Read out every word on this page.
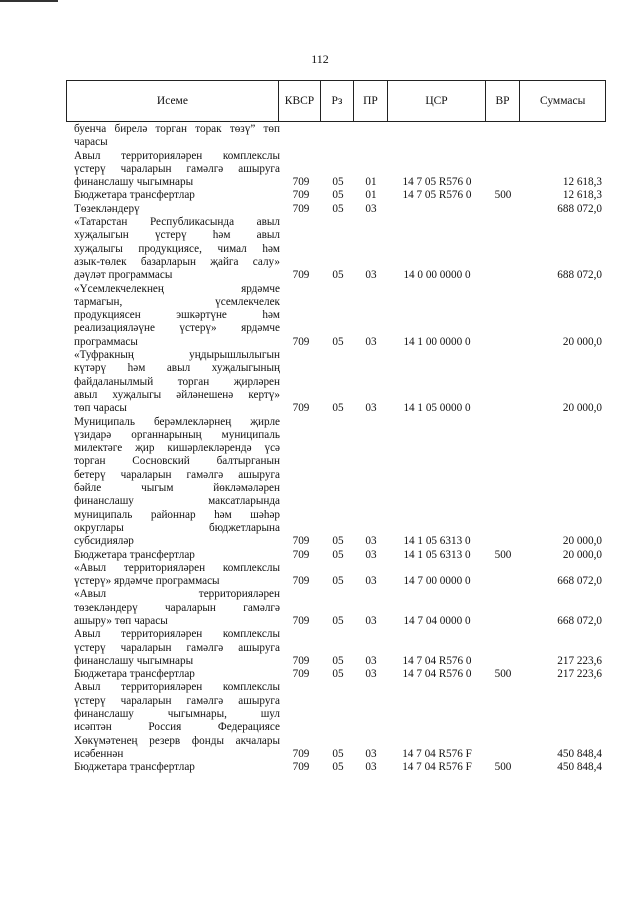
112
Исеме	КВСР	Рз	ПР	ЦСР	ВР	Суммасы
буенча бирелә торган торак төзү” төп
чарасы
Авыл территорияләрен комплекслы
үстерү чараларын гамәлгә ашыруга
финанслашу чыгымнары	709	05	01	14 7 05 R576 0	12 618,3
Бюджетара трансфертлар	709	05	01	14 7 05 R576 0	500	12 618,3
Төзекләндерү	709	05	03	688 072,0
«Татарстан Республикасында авыл
хуҗалыгын үстерү һәм авыл
хуҗалыгы продукциясе, чимал һәм
азык-төлек базарларын җайга салу»
дәүләт программасы	709	05	03	14 0 00 0000 0	688 072,0
«Үсемлекчелекнең ярдәмче
тармагын, үсемлекчелек
продукциясен эшкәртүне һәм
реализацияләүне үстерү» ярдәмче
программасы	709	05	03	14 1 00 0000 0	20 000,0
«Туфракның уңдырышлылыгын
күтәрү һәм авыл хуҗалыгының
файдаланылмый торган җирләрен
авыл хуҗалыгы әйләнешенә кертү»
төп чарасы	709	05	03	14 1 05 0000 0	20 000,0
Муниципаль берәмлекләрнең җирле
үзидарә органнарының муниципаль
милектәге җир кишәрлекләрендә үсә
торган Сосновский балтырганын
бетерү чараларын гамәлгә ашыруга
бәйле чыгым йөкләмәләрен
финанслашу максатларында
муниципаль районнар һәм шәһәр
округлары бюджетларына
субсидияләр	709	05	03	14 1 05 6313 0	20 000,0
Бюджетара трансфертлар	709	05	03	14 1 05 6313 0	500	20 000,0
«Авыл территорияләрен комплекслы
үстерү» ярдәмче программасы	709	05	03	14 7 00 0000 0	668 072,0
«Авыл территорияләрен
төзекләндерү чараларын гамәлгә
ашыру» төп чарасы	709	05	03	14 7 04 0000 0	668 072,0
Авыл территорияләрен комплекслы
үстерү чараларын гамәлгә ашыруга
финанслашу чыгымнары	709	05	03	14 7 04 R576 0	217 223,6
Бюджетара трансфертлар	709	05	03	14 7 04 R576 0	500	217 223,6
Авыл территорияләрен комплекслы
үстерү чараларын гамәлгә ашыруга
финанслашу чыгымнары, шул
исәптән Россия Федерациясе
Хөкүмәтенең резерв фонды акчалары
исәбеннән	709	05	03	14 7 04 R576 F	450 848,4
Бюджетара трансфертлар	709	05	03	14 7 04 R576 F	500	450 848,4
